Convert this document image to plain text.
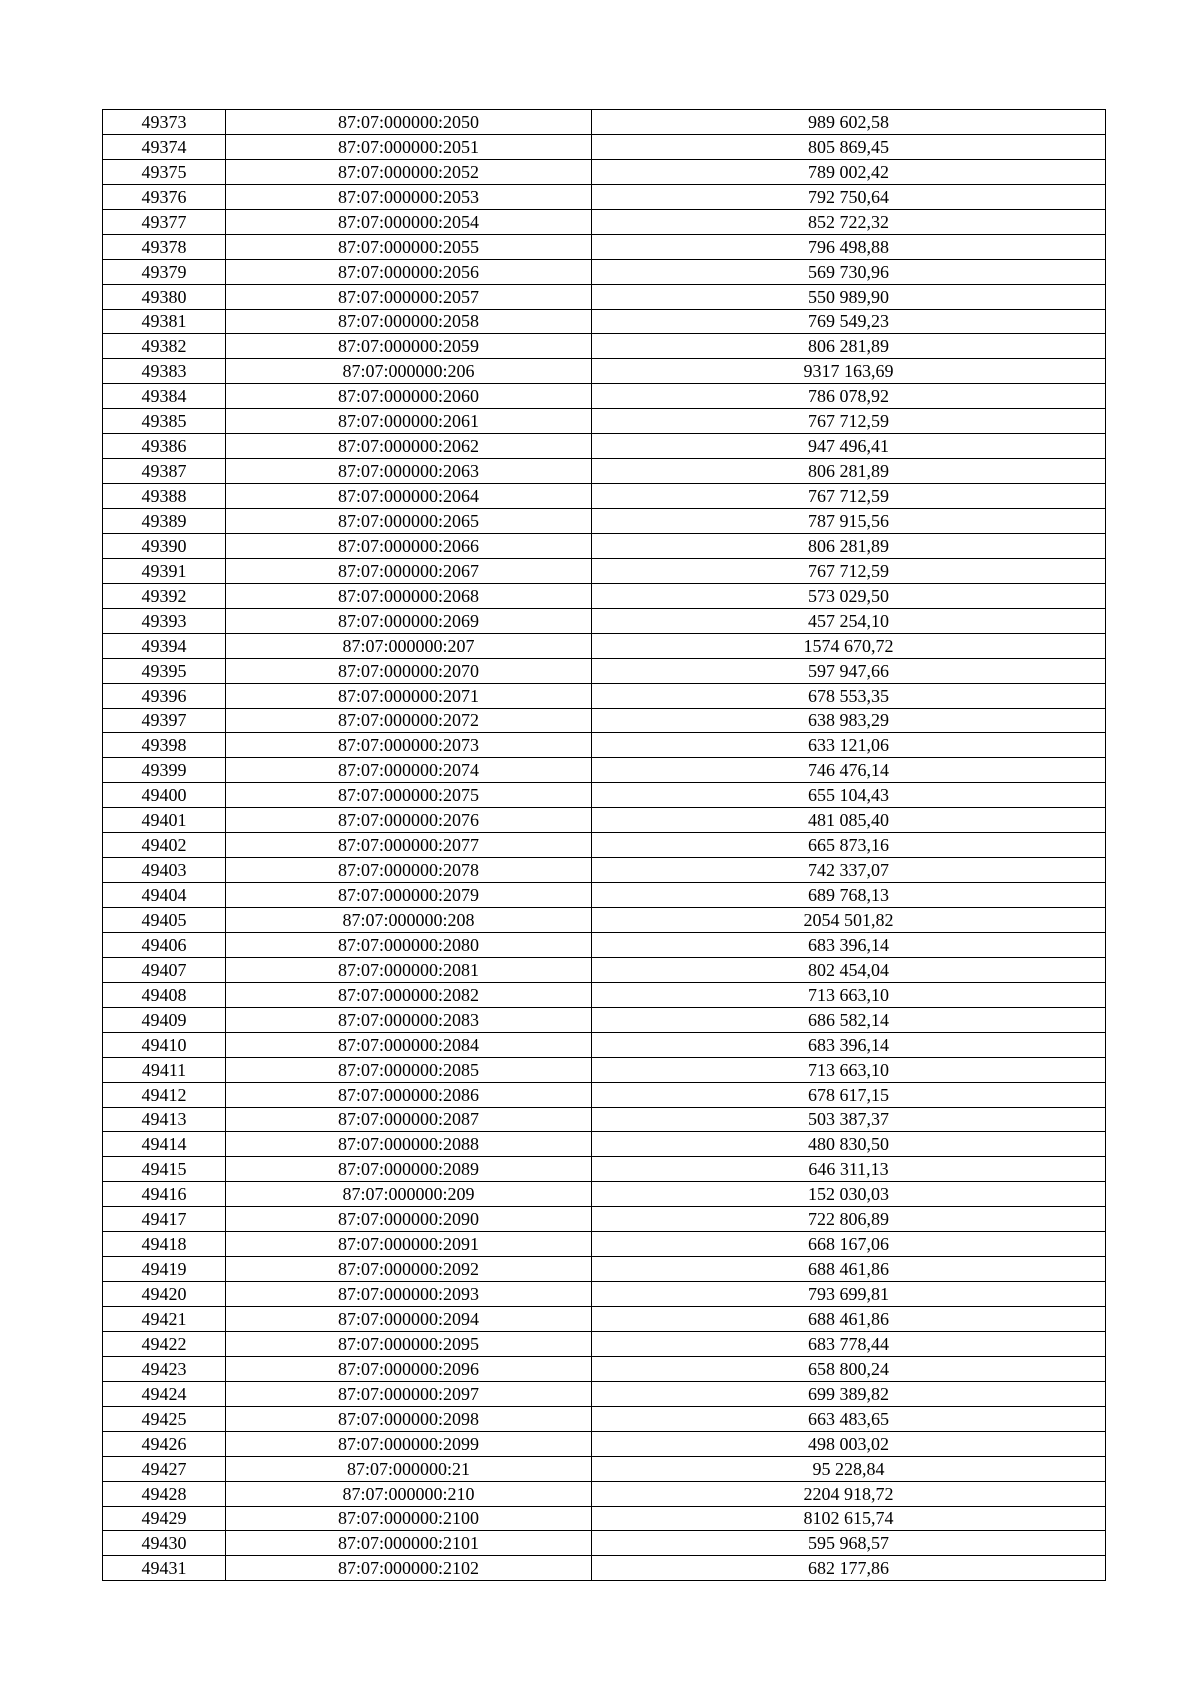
49373	87:07:000000:2050	989 602,58
49374	87:07:000000:2051	805 869,45
49375	87:07:000000:2052	789 002,42
49376	87:07:000000:2053	792 750,64
49377	87:07:000000:2054	852 722,32
49378	87:07:000000:2055	796 498,88
49379	87:07:000000:2056	569 730,96
49380	87:07:000000:2057	550 989,90
49381	87:07:000000:2058	769 549,23
49382	87:07:000000:2059	806 281,89
49383	87:07:000000:206	9317 163,69
49384	87:07:000000:2060	786 078,92
49385	87:07:000000:2061	767 712,59
49386	87:07:000000:2062	947 496,41
49387	87:07:000000:2063	806 281,89
49388	87:07:000000:2064	767 712,59
49389	87:07:000000:2065	787 915,56
49390	87:07:000000:2066	806 281,89
49391	87:07:000000:2067	767 712,59
49392	87:07:000000:2068	573 029,50
49393	87:07:000000:2069	457 254,10
49394	87:07:000000:207	1574 670,72
49395	87:07:000000:2070	597 947,66
49396	87:07:000000:2071	678 553,35
49397	87:07:000000:2072	638 983,29
49398	87:07:000000:2073	633 121,06
49399	87:07:000000:2074	746 476,14
49400	87:07:000000:2075	655 104,43
49401	87:07:000000:2076	481 085,40
49402	87:07:000000:2077	665 873,16
49403	87:07:000000:2078	742 337,07
49404	87:07:000000:2079	689 768,13
49405	87:07:000000:208	2054 501,82
49406	87:07:000000:2080	683 396,14
49407	87:07:000000:2081	802 454,04
49408	87:07:000000:2082	713 663,10
49409	87:07:000000:2083	686 582,14
49410	87:07:000000:2084	683 396,14
49411	87:07:000000:2085	713 663,10
49412	87:07:000000:2086	678 617,15
49413	87:07:000000:2087	503 387,37
49414	87:07:000000:2088	480 830,50
49415	87:07:000000:2089	646 311,13
49416	87:07:000000:209	152 030,03
49417	87:07:000000:2090	722 806,89
49418	87:07:000000:2091	668 167,06
49419	87:07:000000:2092	688 461,86
49420	87:07:000000:2093	793 699,81
49421	87:07:000000:2094	688 461,86
49422	87:07:000000:2095	683 778,44
49423	87:07:000000:2096	658 800,24
49424	87:07:000000:2097	699 389,82
49425	87:07:000000:2098	663 483,65
49426	87:07:000000:2099	498 003,02
49427	87:07:000000:21	95 228,84
49428	87:07:000000:210	2204 918,72
49429	87:07:000000:2100	8102 615,74
49430	87:07:000000:2101	595 968,57
49431	87:07:000000:2102	682 177,86
